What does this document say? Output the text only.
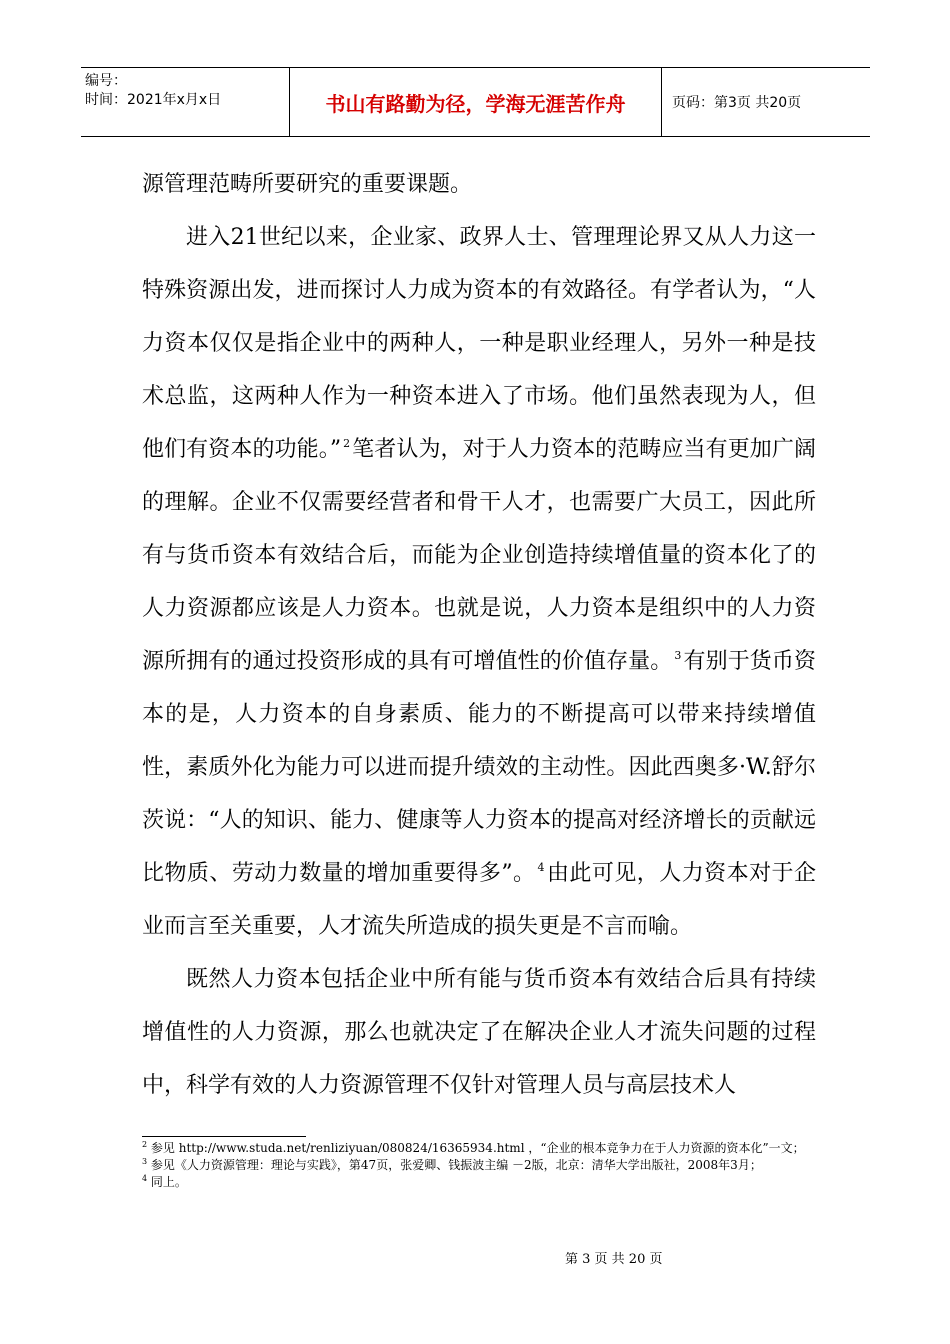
编号：
时间：2021年x月x日	书山有路勤为径，学海无涯苦作舟	页码：第3页 共20页

源管理范畴所要研究的重要课题。

进入21世纪以来，企业家、政界人士、管理理论界又从人力这一特殊资源出发，进而探讨人力成为资本的有效路径。有学者认为，“人力资本仅仅是指企业中的两种人，一种是职业经理人，另外一种是技术总监，这两种人作为一种资本进入了市场。他们虽然表现为人，但他们有资本的功能。” $^2$笔者认为，对于人力资本的范畴应当有更加广阔的理解。企业不仅需要经营者和骨干人才，也需要广大员工，因此所有与货币资本有效结合后，而能为企业创造持续增值量的资本化了的人力资源都应该是人力资本。也就是说，人力资本是组织中的人力资源所拥有的通过投资形成的具有可增值性的价值存量。 $^3$有别于货币资本的是，人力资本的自身素质、能力的不断提高可以带来持续增值性，素质外化为能力可以进而提升绩效的主动性。因此西奥多·W.舒尔茨说：“人的知识、能力、健康等人力资本的提高对经济增长的贡献远比物质、劳动力数量的增加重要得多”。 $^4$由此可见，人力资本对于企业而言至关重要，人才流失所造成的损失更是不言而喻。

既然人力资本包括企业中所有能与货币资本有效结合后具有持续增值性的人力资源，那么也就决定了在解决企业人才流失问题的过程中，科学有效的人力资源管理不仅针对管理人员与高层技术人

$^2$ 参见 http://www.studa.net/renliziyuan/080824/16365934.html ，“企业的根本竞争力在于人力资源的资本化”一文；

$^3$ 参见《人力资源管理：理论与实践》，第47页，张爱卿、钱振波主编 －2版，北京：清华大学出版社，2008年3月；

$^4$ 同上。

第 3 页 共 20 页
